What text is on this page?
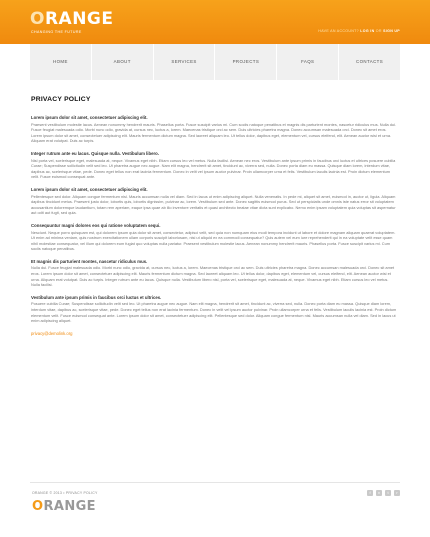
ORANGE
CHANGING THE FUTURE	HAVE AN ACCOUNT? LOG IN OR SIGN UP
HOME	ABOUT	SERVICES	PROJECTS	FAQS	CONTACTS
PRIVACY POLICY

Lorem ipsum dolor sit amet, consectetuer adipiscing elit.

Praesent vestibulum molestie lacus. Aenean nonummy hendrerit mauris. Phasellus porta. Fusce suscipit varius mi. Cum sociis natoque penatibus et magnis dis parturient montes, nascetur ridiculus mus. Nulla dui. Fusce feugiat malesuada odio. Morbi nunc odio, gravida at, cursus nec, luctus a, lorem. Maecenas tristique orci ac sem. Duis ultricies pharetra magna. Donec accumsan malesuada orci. Donec sit amet eros. Lorem ipsum dolor sit amet, consectetuer adipiscing elit. Mauris fermentum dictum magna. Sed laoreet aliquam leo. Ut tellus dolor, dapibus eget, elementum vel, cursus eleifend, elit. Aenean auctor wisi et urna. Aliquam erat volutpat. Duis ac turpis.

Integer rutrum ante eu lacus. Quisque nulla. Vestibulum libero.

Nisl porta vel, scelerisque eget, malesuada at, neque. Vivamus eget nibh. Etiam cursus leo vel metus. Nulla facilisi. Aenean nec eros. Vestibulum ante ipsum primis in faucibus orci luctus et ultrices posuere cubilia Curae; Suspendisse sollicitudin velit sed leo. Ut pharetra augue nec augue. Nam elit magna, hendrerit sit amet, tincidunt ac, viverra sed, nulla. Donec porta diam eu massa. Quisque diam lorem, interdum vitae, dapibus ac, scelerisque vitae, pede. Donec eget tellus non erat lacinia fermentum. Donec in velit vel ipsum auctor pulvinar. Proin ullamcorper urna et felis. Vestibulum iaculis lacinia est. Proin dictum elementum velit. Fusce euismod consequat ante.

Lorem ipsum dolor sit amet, consectetuer adipiscing elit.

Pellentesque sed dolor. Aliquam congue fermentum nisl. Mauris accumsan nulla vel diam. Sed in lacus ut enim adipiscing aliquet. Nulla venenatis. In pede mi, aliquet sit amet, euismod in, auctor ut, ligula. Aliquam dapibus tincidunt metus. Praesent justo dolor, lobortis quis, lobortis dignissim, pulvinar ac, lorem. Vestibulum sed ante. Donec sagittis euismod purus. Sed ut perspiciatis unde omnis iste natus error sit voluptatem accusantium doloremque laudantium, totam rem aperiam, eaque ipsa quae ab illo inventore veritatis et quasi architecto beatae vitae dicta sunt explicabo. Nemo enim ipsam voluptatem quia voluptas sit aspernatur aut odit aut fugit, sed quia.

Consequuntur magni dolores eos qui ratione voluptatem sequi.

Nesciunt. Neque porro quisquam est, qui dolorem ipsum quia dolor sit amet, consectetur, adipisci velit, sed quia non numquam eius modi tempora incidunt ut labore et dolore magnam aliquam quaerat voluptatem. Ut enim ad minima veniam, quis nostrum exercitationem ullam corporis suscipit laboriosam, nisi ut aliquid ex ea commodi consequatur? Quis autem vel eum iure reprehenderit qui in ea voluptate velit esse quam nihil molestiae consequatur, vel illum qui dolorem eum fugiat quo voluptas nulla pariatur. Praesent vestibulum molestie lacus. Aenean nonummy hendrerit mauris. Phasellus porta. Fusce suscipit varius mi. Cum sociis natoque penatibus.

Et magnis dis parturient montes, nascetur ridiculus mus.

Nulla dui. Fusce feugiat malesuada odio. Morbi nunc odio, gravida at, cursus nec, luctus a, lorem. Maecenas tristique orci ac sem. Duis ultricies pharetra magna. Donec accumsan malesuada orci. Donec sit amet eros. Lorem ipsum dolor sit amet, consectetuer adipiscing elit. Mauris fermentum dictum magna. Sed laoreet aliquam leo. Ut tellus dolor, dapibus eget, elementum vel, cursus eleifend, elit. Aenean auctor wisi et urna. Aliquam erat volutpat. Duis ac turpis. Integer rutrum ante eu lacus. Quisque nulla. Vestibulum libero nisl, porta vel, scelerisque eget, malesuada at, neque. Vivamus eget nibh. Etiam cursus leo vel metus. Nulla facilisi.

Vestibulum ante ipsum primis in faucibus orci luctus et ultrices.

Posuere cubilia Curae; Suspendisse sollicitudin velit sed leo. Ut pharetra augue nec augue. Nam elit magna, hendrerit sit amet, tincidunt ac, viverra sed, nulla. Donec porta diam eu massa. Quisque diam lorem, interdum vitae, dapibus ac, scelerisque vitae, pede. Donec eget tellus non erat lacinia fermentum. Donec in velit vel ipsum auctor pulvinar. Proin ullamcorper urna et felis. Vestibulum iaculis lacinia est. Proin dictum elementum velit. Fusce euismod consequat ante. Lorem ipsum dolor sit amet, consectetuer adipiscing elit. Pellentesque sed dolor. Aliquam congue fermentum nisl. Mauris accumsan nulla vel diam. Sed in lacus ut enim adipiscing aliquet.

privacy@demolink.org
ORANGE © 2013 • PRIVACY POLICY
ORANGE
f	v	t	r
